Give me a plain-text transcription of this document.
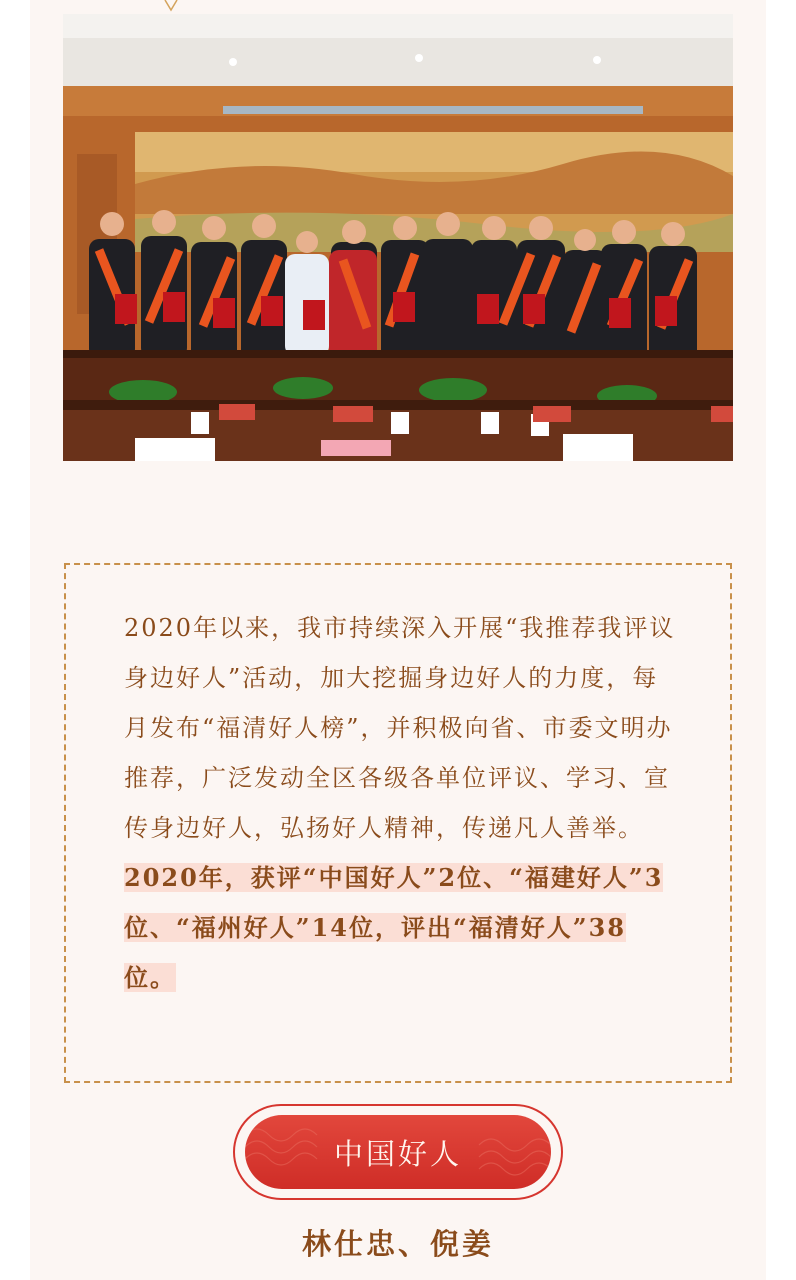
2020年以来，我市持续深入开展“我推荐我评议身边好人”活动，加大挖掘身边好人的力度，每月发布“福清好人榜”，并积极向省、市委文明办推荐，广泛发动全区各级各单位评议、学习、宣传身边好人，弘扬好人精神，传递凡人善举。2020年，获评“中国好人”2位、“福建好人”3位、“福州好人”14位，评出“福清好人”38位。

中国好人
林仕忠、倪姜
